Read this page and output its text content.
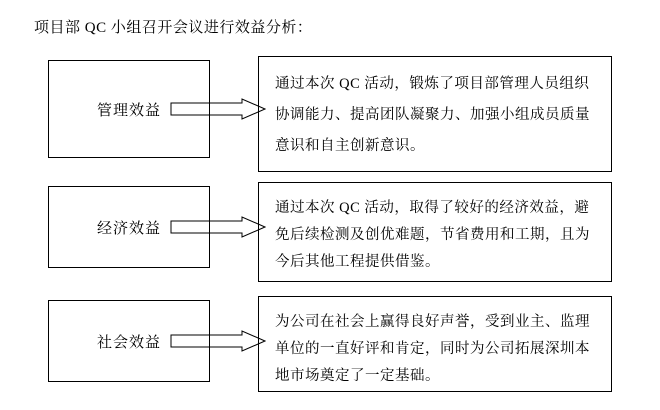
项目部 QC 小组召开会议进行效益分析：
管理效益
通过本次 QC 活动，锻炼了项目部管理人员组织协调能力、提高团队凝聚力、加强小组成员质量意识和自主创新意识。
经济效益
通过本次 QC 活动，取得了较好的经济效益，避免后续检测及创优难题，节省费用和工期，且为今后其他工程提供借鉴。
社会效益
为公司在社会上赢得良好声誉，受到业主、监理单位的一直好评和肯定，同时为公司拓展深圳本地市场奠定了一定基础。
